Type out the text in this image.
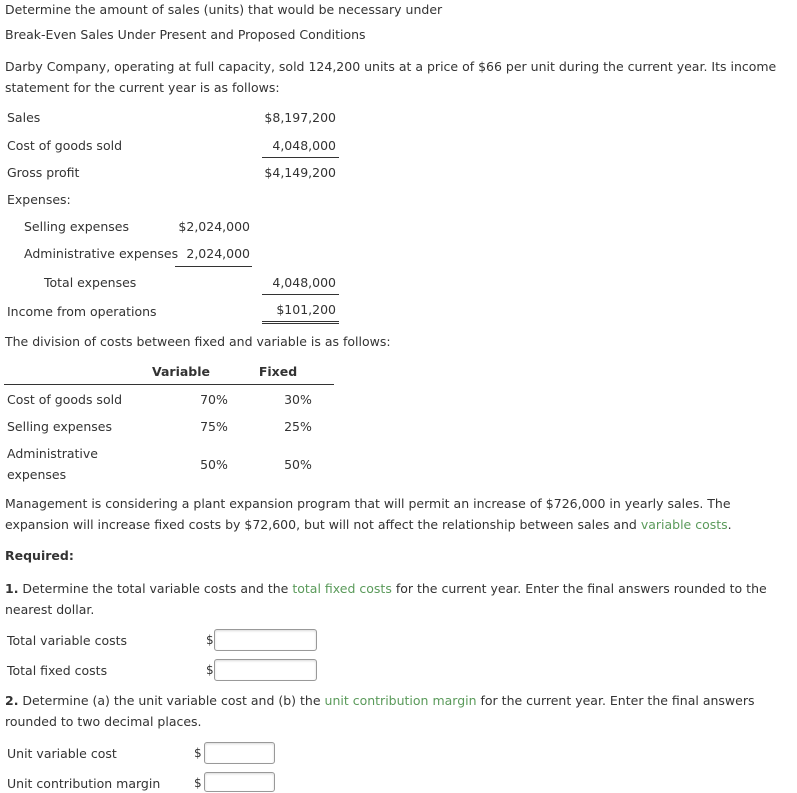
Determine the amount of sales (units) that would be necessary under
Break-Even Sales Under Present and Proposed Conditions
Darby Company, operating at full capacity, sold 124,200 units at a price of $66 per unit during the current year. Its income statement for the current year is as follows:
Sales	$8,197,200
Cost of goods sold	4,048,000
Gross profit	$4,149,200
Expenses:
Selling expenses	$2,024,000
Administrative expenses 2,024,000
Total expenses	4,048,000
Income from operations	$101,200
The division of costs between fixed and variable is as follows:
Variable	Fixed
Cost of goods sold	70%	30%
Selling expenses	75%	25%
Administrative
expenses
50%	50%
Management is considering a plant expansion program that will permit an increase of $726,000 in yearly sales. The expansion will increase fixed costs by $72,600, but will not affect the relationship between sales and variable costs.
Required:
1. Determine the total variable costs and the total fixed costs for the current year. Enter the final answers rounded to the nearest dollar.
Total variable costs	$
Total fixed costs	$
2. Determine (a) the unit variable cost and (b) the unit contribution margin for the current year. Enter the final answers rounded to two decimal places.
Unit variable cost	$
Unit contribution margin	$
